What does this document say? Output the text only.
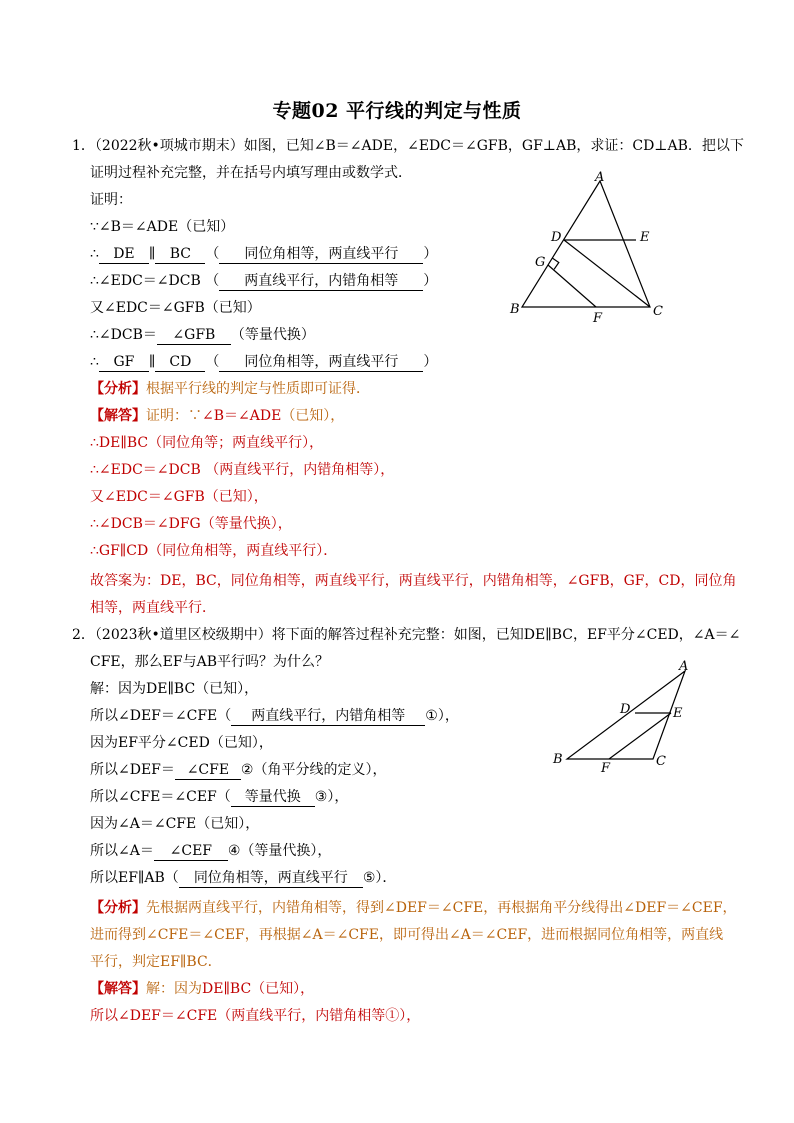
专题02 平行线的判定与性质
1．（2022秋•项城市期末）如图，已知∠B＝∠ADE，∠EDC＝∠GFB，GF⊥AB，求证：CD⊥AB．把以下
证明过程补充完整，并在括号内填写理由或数学式．
证明：
∵∠B＝∠ADE（已知）
∴ DE ∥ BC （ 同位角相等，两直线平行 ）
∴∠EDC＝∠DCB （ 两直线平行，内错角相等 ）
又∠EDC＝∠GFB（已知）
∴∠DCB＝ ∠GFB （等量代换）
∴ GF ∥ CD （ 同位角相等，两直线平行 ）
【分析】根据平行线的判定与性质即可证得．
【解答】证明：∵∠B＝∠ADE（已知），
∴DE∥BC（同位角等；两直线平行），
∴∠EDC＝∠DCB （两直线平行，内错角相等），
又∠EDC＝∠GFB（已知），
∴∠DCB＝∠DFG（等量代换），
∴GF∥CD（同位角相等，两直线平行）．
故答案为：DE，BC，同位角相等，两直线平行，两直线平行，内错角相等，∠GFB，GF，CD，同位角
相等，两直线平行．
A
B	C
D	E
F
G
2．（2023秋•道里区校级期中）将下面的解答过程补充完整：如图，已知DE∥BC，EF平分∠CED，∠A＝∠
CFE，那么EF与AB平行吗？为什么？
解：因为DE∥BC（已知），
所以∠DEF＝∠CFE（ 两直线平行，内错角相等 ①），
因为EF平分∠CED（已知），
所以∠DEF＝ ∠CFE ②（角平分线的定义），
所以∠CFE＝∠CEF（ 等量代换 ③），
因为∠A＝∠CFE（已知），
所以∠A＝ ∠CEF ④（等量代换），
所以EF∥AB（ 同位角相等，两直线平行 ⑤）．
【分析】先根据两直线平行，内错角相等，得到∠DEF＝∠CFE，再根据角平分线得出∠DEF＝∠CEF，
进而得到∠CFE＝∠CEF，再根据∠A＝∠CFE，即可得出∠A＝∠CEF，进而根据同位角相等，两直线
平行，判定EF∥BC．
【解答】解：因为DE∥BC（已知），
所以∠DEF＝∠CFE（两直线平行，内错角相等①），
A
B	C
D	E
F
